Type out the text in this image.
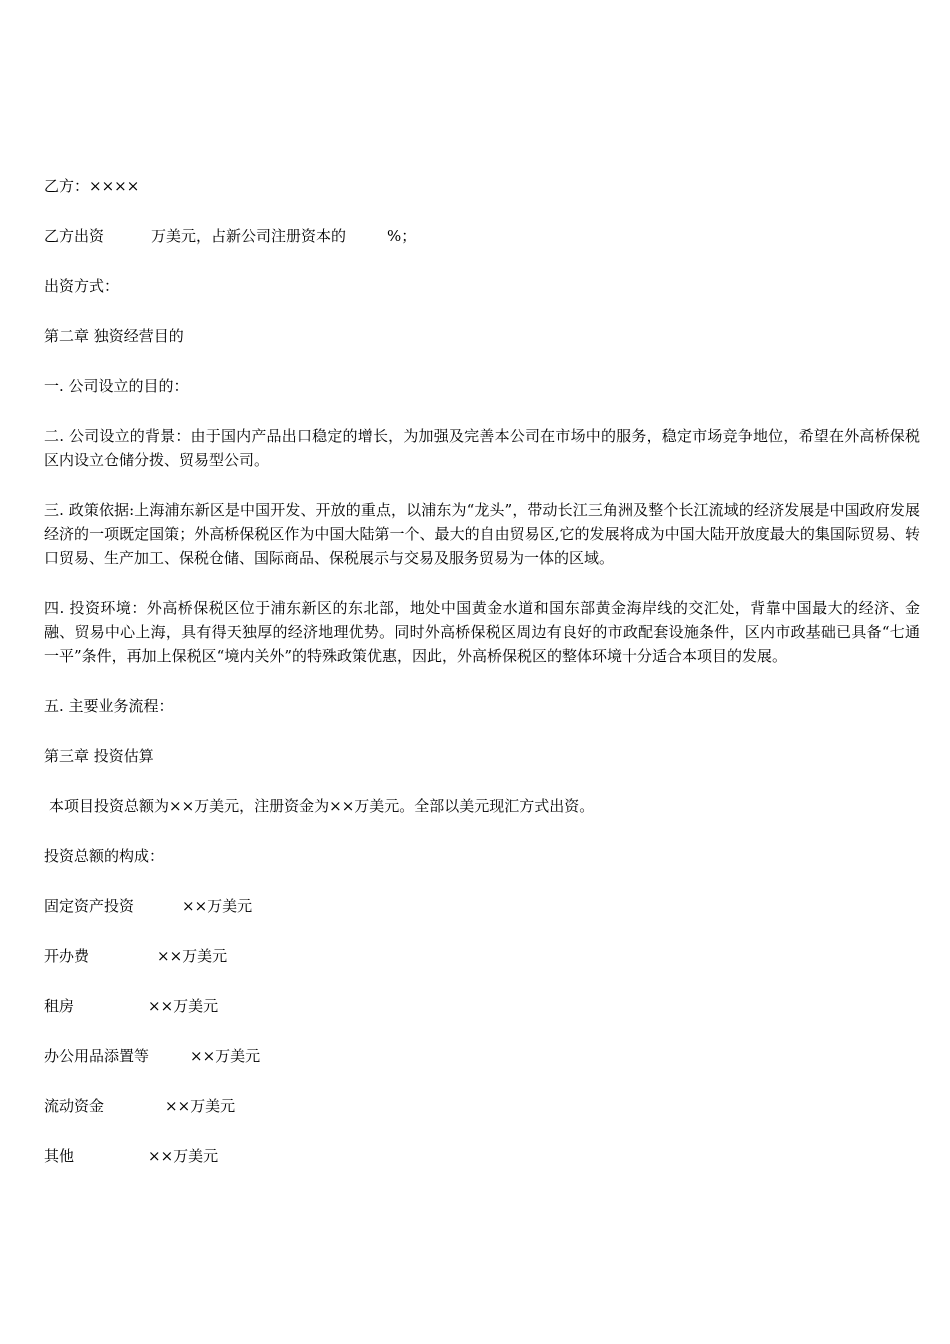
乙方：××××

乙方出资	万美元，占新公司注册资本的	%；

出资方式：

第二章 独资经营目的

一. 公司设立的目的：

二. 公司设立的背景：由于国内产品出口稳定的增长，为加强及完善本公司在市场中的服务，稳定市场竞争地位，希望在外高桥保税区内设立仓储分拨、贸易型公司。

三. 政策依据:上海浦东新区是中国开发、开放的重点，以浦东为“龙头”，带动长江三角洲及整个长江流域的经济发展是中国政府发展经济的一项既定国策；外高桥保税区作为中国大陆第一个、最大的自由贸易区,它的发展将成为中国大陆开放度最大的集国际贸易、转口贸易、生产加工、保税仓储、国际商品、保税展示与交易及服务贸易为一体的区域。

四. 投资环境：外高桥保税区位于浦东新区的东北部，地处中国黄金水道和国东部黄金海岸线的交汇处，背靠中国最大的经济、金融、贸易中心上海，具有得天独厚的经济地理优势。同时外高桥保税区周边有良好的市政配套设施条件，区内市政基础已具备“七通一平”条件，再加上保税区“境内关外”的特殊政策优惠，因此，外高桥保税区的整体环境十分适合本项目的发展。

五. 主要业务流程：

第三章 投资估算

本项目投资总额为××万美元，注册资金为××万美元。全部以美元现汇方式出资。

投资总额的构成：

固定资产投资	××万美元
开办费	××万美元
租房	××万美元
办公用品添置等	××万美元
流动资金	××万美元
其他	××万美元
